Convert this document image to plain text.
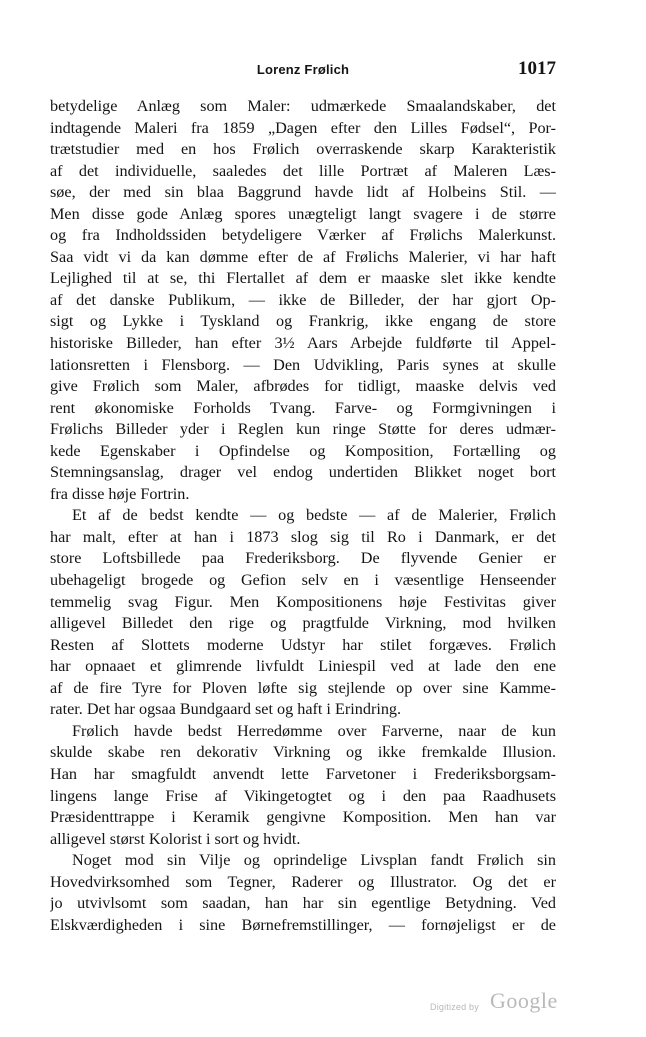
Lorenz Frølich	1017
betydelige Anlæg som Maler: udmærkede Smaalandskaber, det
indtagende Maleri fra 1859 „Dagen efter den Lilles Fødsel“, Por-
trætstudier med en hos Frølich overraskende skarp Karakteristik
af det individuelle, saaledes det lille Portræt af Maleren Læs-
søe, der med sin blaa Baggrund havde lidt af Holbeins Stil. —
Men disse gode Anlæg spores unægteligt langt svagere i de større
og fra Indholdssiden betydeligere Værker af Frølichs Malerkunst.
Saa vidt vi da kan dømme efter de af Frølichs Malerier, vi har haft
Lejlighed til at se, thi Flertallet af dem er maaske slet ikke kendte
af det danske Publikum, — ikke de Billeder, der har gjort Op-
sigt og Lykke i Tyskland og Frankrig, ikke engang de store
historiske Billeder, han efter 3½ Aars Arbejde fuldførte til Appel-
lationsretten i Flensborg. — Den Udvikling, Paris synes at skulle
give Frølich som Maler, afbrødes for tidligt, maaske delvis ved
rent økonomiske Forholds Tvang. Farve- og Formgivningen i
Frølichs Billeder yder i Reglen kun ringe Støtte for deres udmær-
kede Egenskaber i Opfindelse og Komposition, Fortælling og
Stemningsanslag, drager vel endog undertiden Blikket noget bort
fra disse høje Fortrin.
Et af de bedst kendte — og bedste — af de Malerier, Frølich
har malt, efter at han i 1873 slog sig til Ro i Danmark, er det
store Loftsbillede paa Frederiksborg. De flyvende Genier er
ubehageligt brogede og Gefion selv en i væsentlige Henseender
temmelig svag Figur. Men Kompositionens høje Festivitas giver
alligevel Billedet den rige og pragtfulde Virkning, mod hvilken
Resten af Slottets moderne Udstyr har stilet forgæves. Frølich
har opnaaet et glimrende livfuldt Liniespil ved at lade den ene
af de fire Tyre for Ploven løfte sig stejlende op over sine Kamme-
rater. Det har ogsaa Bundgaard set og haft i Erindring.
Frølich havde bedst Herredømme over Farverne, naar de kun
skulde skabe ren dekorativ Virkning og ikke fremkalde Illusion.
Han har smagfuldt anvendt lette Farvetoner i Frederiksborgsam-
lingens lange Frise af Vikingetogtet og i den paa Raadhusets
Præsidenttrappe i Keramik gengivne Komposition. Men han var
alligevel størst Kolorist i sort og hvidt.
Noget mod sin Vilje og oprindelige Livsplan fandt Frølich sin
Hovedvirksomhed som Tegner, Raderer og Illustrator. Og det er
jo utvivlsomt som saadan, han har sin egentlige Betydning. Ved
Elskværdigheden i sine Børnefremstillinger, — fornøjeligst er de
Digitized by Google
